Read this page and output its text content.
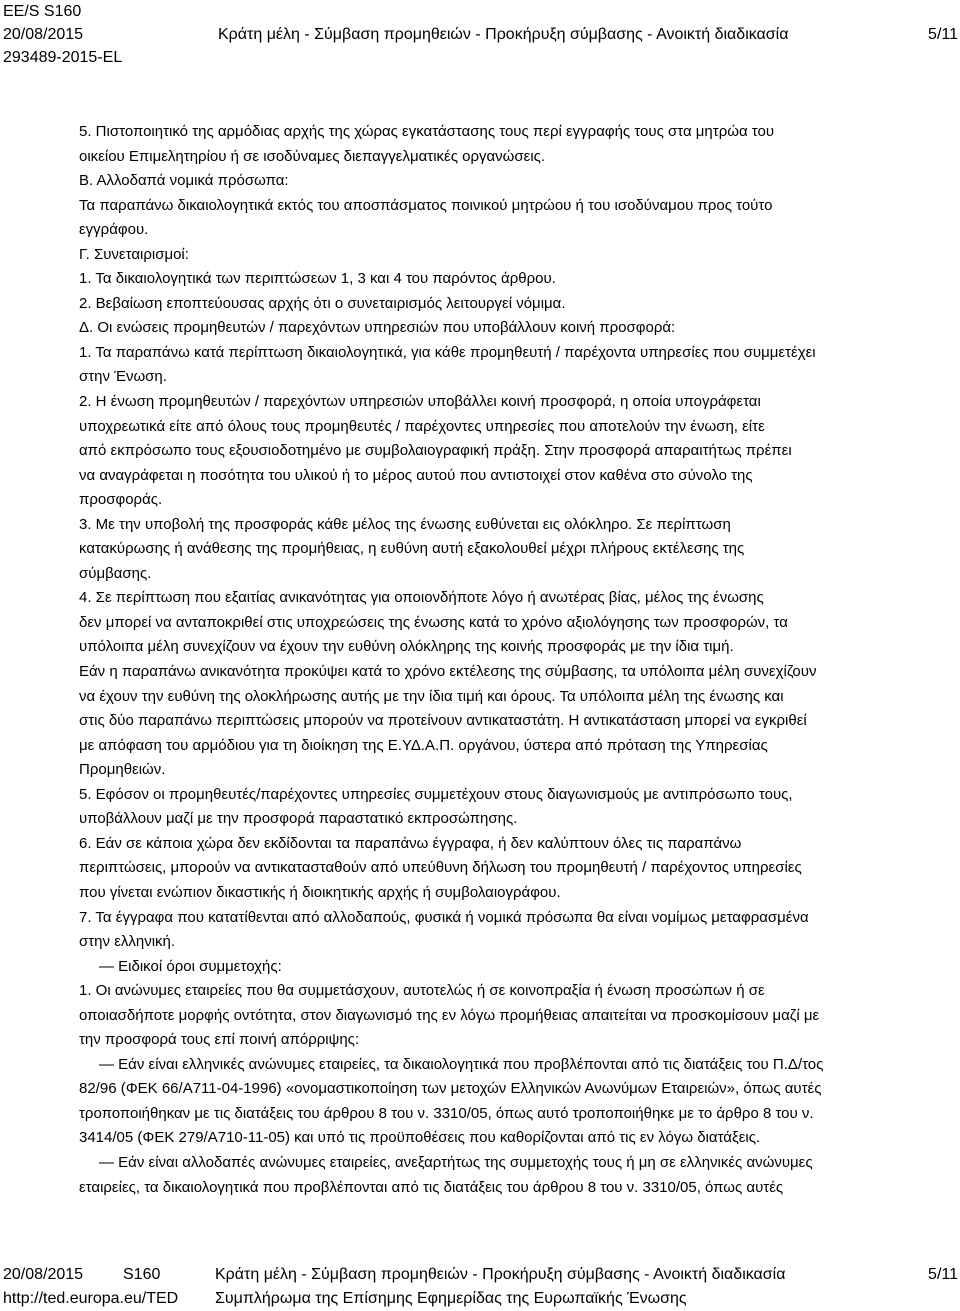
EE/S S160
20/08/2015	Κράτη μέλη - Σύμβαση προμηθειών - Προκήρυξη σύμβασης - Ανοικτή διαδικασία	5/11
293489-2015-EL

5. Πιστοποιητικό της αρμόδιας αρχής της χώρας εγκατάστασης τους περί εγγραφής τους στα μητρώα του

οικείου Επιμελητηρίου ή σε ισοδύναμες διεπαγγελματικές οργανώσεις.

Β. Αλλοδαπά νομικά πρόσωπα:

Τα παραπάνω δικαιολογητικά εκτός του αποσπάσματος ποινικού μητρώου ή του ισοδύναμου προς τούτο

εγγράφου.

Γ. Συνεταιρισμοί:

1. Τα δικαιολογητικά των περιπτώσεων 1, 3 και 4 του παρόντος άρθρου.

2. Βεβαίωση εποπτεύουσας αρχής ότι ο συνεταιρισμός λειτουργεί νόμιμα.

Δ. Οι ενώσεις προμηθευτών / παρεχόντων υπηρεσιών που υποβάλλουν κοινή προσφορά:

1. Τα παραπάνω κατά περίπτωση δικαιολογητικά, για κάθε προμηθευτή / παρέχοντα υπηρεσίες που συμμετέχει

στην Ένωση.

2. Η ένωση προμηθευτών / παρεχόντων υπηρεσιών υποβάλλει κοινή προσφορά, η οποία υπογράφεται

υποχρεωτικά είτε από όλους τους προμηθευτές / παρέχοντες υπηρεσίες που αποτελούν την ένωση, είτε

από εκπρόσωπο τους εξουσιοδοτημένο με συμβολαιογραφική πράξη. Στην προσφορά απαραιτήτως πρέπει

να αναγράφεται η ποσότητα του υλικού ή το μέρος αυτού που αντιστοιχεί στον καθένα στο σύνολο της

προσφοράς.

3. Με την υποβολή της προσφοράς κάθε μέλος της ένωσης ευθύνεται εις ολόκληρο. Σε περίπτωση

κατακύρωσης ή ανάθεσης της προμήθειας, η ευθύνη αυτή εξακολουθεί μέχρι πλήρους εκτέλεσης της

σύμβασης.

4. Σε περίπτωση που εξαιτίας ανικανότητας για οποιονδήποτε λόγο ή ανωτέρας βίας, μέλος της ένωσης

δεν μπορεί να ανταποκριθεί στις υποχρεώσεις της ένωσης κατά το χρόνο αξιολόγησης των προσφορών, τα

υπόλοιπα μέλη συνεχίζουν να έχουν την ευθύνη ολόκληρης της κοινής προσφοράς με την ίδια τιμή.

Εάν η παραπάνω ανικανότητα προκύψει κατά το χρόνο εκτέλεσης της σύμβασης, τα υπόλοιπα μέλη συνεχίζουν

να έχουν την ευθύνη της ολοκλήρωσης αυτής με την ίδια τιμή και όρους. Τα υπόλοιπα μέλη της ένωσης και

στις δύο παραπάνω περιπτώσεις μπορούν να προτείνουν αντικαταστάτη. Η αντικατάσταση μπορεί να εγκριθεί

με απόφαση του αρμόδιου για τη διοίκηση της Ε.ΥΔ.Α.Π. οργάνου, ύστερα από πρόταση της Υπηρεσίας

Προμηθειών.

5. Εφόσον οι προμηθευτές/παρέχοντες υπηρεσίες συμμετέχουν στους διαγωνισμούς με αντιπρόσωπο τους,

υποβάλλουν μαζί με την προσφορά παραστατικό εκπροσώπησης.

6. Εάν σε κάποια χώρα δεν εκδίδονται τα παραπάνω έγγραφα, ή δεν καλύπτουν όλες τις παραπάνω

περιπτώσεις, μπορούν να αντικατασταθούν από υπεύθυνη δήλωση του προμηθευτή / παρέχοντος υπηρεσίες

που γίνεται ενώπιον δικαστικής ή διοικητικής αρχής ή συμβολαιογράφου.

7. Τα έγγραφα που κατατίθενται από αλλοδαπούς, φυσικά ή νομικά πρόσωπα θα είναι νομίμως μεταφρασμένα

στην ελληνική.

— Ειδικοί όροι συμμετοχής:

1. Οι ανώνυμες εταιρείες που θα συμμετάσχουν, αυτοτελώς ή σε κοινοπραξία ή ένωση προσώπων ή σε

οποιασδήποτε μορφής οντότητα, στον διαγωνισμό της εν λόγω προμήθειας απαιτείται να προσκομίσουν μαζί με

την προσφορά τους επί ποινή απόρριψης:

— Εάν είναι ελληνικές ανώνυμες εταιρείες, τα δικαιολογητικά που προβλέπονται από τις διατάξεις του Π.Δ/τος

82/96 (ΦΕΚ 66/Α711-04-1996) «ονομαστικοποίηση των μετοχών Ελληνικών Ανωνύμων Εταιρειών», όπως αυτές

τροποποιήθηκαν με τις διατάξεις του άρθρου 8 του ν. 3310/05, όπως αυτό τροποποιήθηκε με το άρθρο 8 του ν.

3414/05 (ΦΕΚ 279/Α710-11-05) και υπό τις προϋποθέσεις που καθορίζονται από τις εν λόγω διατάξεις.

— Εάν είναι αλλοδαπές ανώνυμες εταιρείες, ανεξαρτήτως της συμμετοχής τους ή μη σε ελληνικές ανώνυμες

εταιρείες, τα δικαιολογητικά που προβλέπονται από τις διατάξεις του άρθρου 8 του ν. 3310/05, όπως αυτές

20/08/2015 S160	Κράτη μέλη - Σύμβαση προμηθειών - Προκήρυξη σύμβασης - Ανοικτή διαδικασία	5/11
http://ted.europa.eu/TED	Συμπλήρωμα της Επίσημης Εφημερίδας της Ευρωπαϊκής Ένωσης
